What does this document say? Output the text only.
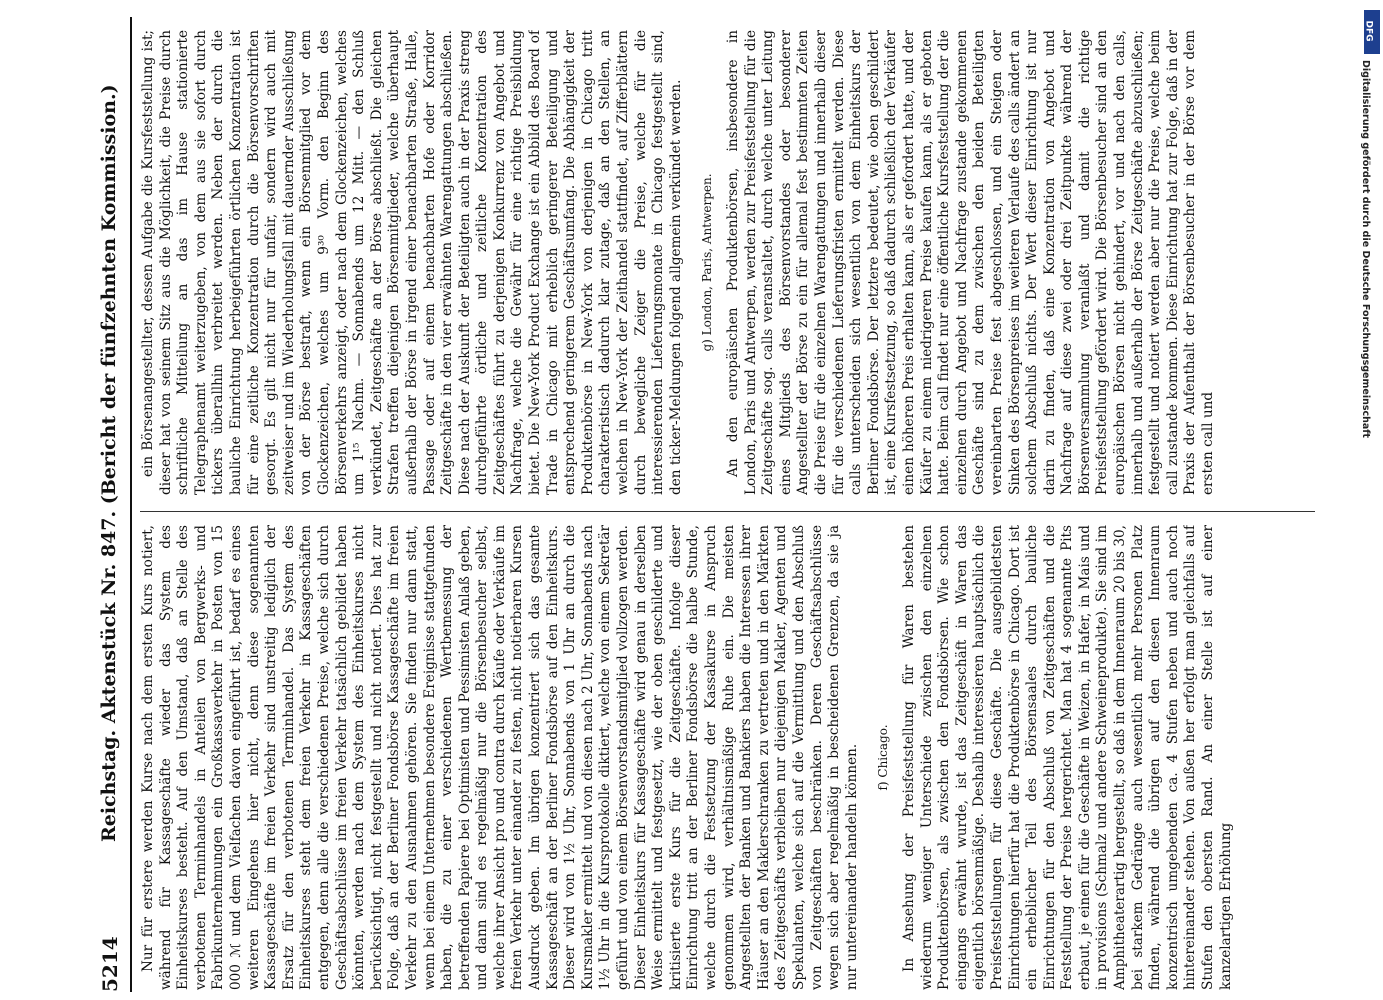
5214
Reichstag. Aktenstück Nr. 847. (Bericht der fünfzehnten Kommission.) Nur für erstere werden Kurse nach dem ersten Kurs notiert, während für Kassageschäfte wieder das System des Einheitskurses besteht. Auf den Umstand, daß an Stelle des verbotenen Terminhandels in Anteilen von Bergwerks- und Fabrikunternehmungen ein Großkassaverkehr in Posten von 15 000 ℳ und dem Vielfachen davon eingeführt ist, bedarf es eines weiteren Eingehens hier nicht, denn diese sogenannten Kassageschäfte im freien Verkehr sind unstreitig lediglich der Ersatz für den verbotenen Terminhandel. Das System des Einheitskurses steht dem freien Verkehr in Kassageschäften entgegen, denn alle die verschiedenen Preise, welche sich durch Geschäftsabschlüsse im freien Verkehr tatsächlich gebildet haben könnten, werden nach dem System des Einheitskurses nicht berücksichtigt, nicht festgestellt und nicht notiert. Dies hat zur Folge, daß an der Berliner Fondsbörse Kassageschäfte im freien Verkehr zu den Ausnahmen gehören. Sie finden nur dann statt, wenn bei einem Unternehmen besondere Ereignisse stattgefunden haben, die zu einer verschiedenen Wertbemessung der betreffenden Papiere bei Optimisten und Pessimisten Anlaß geben, und dann sind es regelmäßig nur die Börsenbesucher selbst, welche ihrer Ansicht pro und contra durch Käufe oder Verkäufe im freien Verkehr unter einander zu festen, nicht notierbaren Kursen Ausdruck geben. Im übrigen konzentriert sich das gesamte Kassageschäft an der Berliner Fondsbörse auf den Einheitskurs. Dieser wird von 1½ Uhr, Sonnabends von 1 Uhr an durch die Kursmakler ermittelt und von diesen nach 2 Uhr, Sonnabends nach 1½ Uhr in die Kursprotokolle diktiert, welche von einem Sekretär geführt und von einem Börsenvorstandsmitglied vollzogen werden. Dieser Einheitskurs für Kassageschäfte wird genau in derselben Weise ermittelt und festgesetzt, wie der oben geschilderte und kritisierte erste Kurs für die Zeitgeschäfte. Infolge dieser Einrichtung tritt an der Berliner Fondsbörse die halbe Stunde, welche durch die Festsetzung der Kassakurse in Anspruch genommen wird, verhältnismäßige Ruhe ein. Die meisten Angestellten der Banken und Bankiers haben die Interessen ihrer Häuser an den Maklerschranken zu vertreten und in den Märkten des Zeitgeschäfts verbleiben nur diejenigen Makler, Agenten und Spekulanten, welche sich auf die Vermittlung und den Abschluß von Zeitgeschäften beschränken. Deren Geschäftsabschlüsse wegen sich aber regelmäßig in bescheidenen Grenzen, da sie ja nur untereinander handeln können. f) Chicago. In Ansehung der Preisfeststellung für Waren bestehen wiederum weniger Unterschiede zwischen den einzelnen Produktenbörsen, als zwischen den Fondsbörsen. Wie schon eingangs erwähnt wurde, ist das Zeitgeschäft in Waren das eigentlich börsenmäßige. Deshalb interessieren hauptsächlich die Preisfeststellungen für diese Geschäfte. Die ausgebildetsten Einrichtungen hierfür hat die Produktenbörse in Chicago. Dort ist ein erheblicher Teil des Börsensaales durch bauliche Einrichtungen für den Abschluß von Zeitgeschäften und die Feststellung der Preise hergerichtet. Man hat 4 sogenannte Pits erbaut, je einen für die Geschäfte in Weizen, in Hafer, in Mais und in provisions (Schmalz und andere Schweineprodukte). Sie sind im Amphitheaterartig hergestellt, so daß in dem Innenraum 20 bis 30, bei starkem Gedränge auch wesentlich mehr Personen Platz finden, während die übrigen auf den diesen Innenraum konzentrisch umgebenden ca. 4 Stufen neben und auch noch hintereinander stehen. Von außen her erfolgt man gleichfalls auf Stufen den obersten Rand. An einer Stelle ist auf einer kanzelartigen Erhöhung

ein Börsenangestellter, dessen Aufgabe die Kursfeststellung ist; dieser hat von seinem Sitz aus die Möglichkeit, die Preise durch schriftliche Mitteilung an das im Hause stationierte Telegraphenamt weiterzugeben, von dem aus sie sofort durch tickers überallhin verbreitet werden. Neben der durch die bauliche Einrichtung herbeigeführten örtlichen Konzentration ist für eine zeitliche Konzentration durch die Börsenvorschriften gesorgt. Es gilt nicht nur für unfair, sondern wird auch mit zeitweiser und im Wiederholungsfall mit dauernder Ausschließung von der Börse bestraft, wenn ein Börsenmitglied vor dem Glockenzeichen, welches um 9³⁰ Vorm. den Beginn des Börsenverkehrs anzeigt, oder nach dem Glockenzeichen, welches um 1¹⁵ Nachm. — Sonnabends um 12 Mitt. — den Schluß verkündet, Zeitgeschäfte an der Börse abschließt. Die gleichen Strafen treffen diejenigen Börsenmitglieder, welche überhaupt außerhalb der Börse in irgend einer benachbarten Straße, Halle, Passage oder auf einem benachbarten Hofe oder Korridor Zeitgeschäfte in den vier erwähnten Warengattungen abschließen. Diese nach der Auskunft der Beteiligten auch in der Praxis streng durchgeführte örtliche und zeitliche Konzentration des Zeitgeschäftes führt zu derjenigen Konkurrenz von Angebot und Nachfrage, welche die Gewähr für eine richtige Preisbildung bietet. Die New-York Product Exchange ist ein Abbild des Board of Trade in Chicago mit erheblich geringerer Beteiligung und entsprechend geringerem Geschäftsumfang. Die Abhängigkeit der Produktenbörse in New-York von derjenigen in Chicago tritt charakteristisch dadurch klar zutage, daß an den Stellen, an welchen in New-York der Zeithandel stattfindet, auf Zifferblättern durch bewegliche Zeiger die Preise, welche für die interessierenden Lieferungsmonate in Chicago festgestellt sind, den ticker-Meldungen folgend allgemein verkündet werden. g) London, Paris, Antwerpen. An den europäischen Produktenbörsen, insbesondere in London, Paris und Antwerpen, werden zur Preisfeststellung für die Zeitgeschäfte sog. calls veranstaltet, durch welche unter Leitung eines Mitglieds des Börsenvorstandes oder besonderer Angestellter der Börse zu ein für allemal fest bestimmten Zeiten die Preise für die einzelnen Warengattungen und innerhalb dieser für die verschiedenen Lieferungsfristen ermittelt werden. Diese calls unterscheiden sich wesentlich von dem Einheitskurs der Berliner Fondsbörse. Der letztere bedeutet, wie oben geschildert ist, eine Kursfestsetzung, so daß dadurch schließlich der Verkäufer einen höheren Preis erhalten kann, als er gefordert hatte, und der Käufer zu einem niedrigeren Preise kaufen kann, als er geboten hatte. Beim call findet nur eine öffentliche Kursfeststellung der die einzelnen durch Angebot und Nachfrage zustande gekommenen Geschäfte sind zu dem zwischen den beiden Beteiligten vereinbarten Preise fest abgeschlossen, und ein Steigen oder Sinken des Börsenpreises im weiteren Verlaufe des calls ändert an solchem Abschluß nichts. Der Wert dieser Einrichtung ist nur darin zu finden, daß eine Konzentration von Angebot und Nachfrage auf diese zwei oder drei Zeitpunkte während der Börsenversammlung veranlaßt und damit die richtige Preisfeststellung gefördert wird. Die Börsenbesucher sind an den europäischen Börsen nicht gehindert, vor und nach den calls, innerhalb und außerhalb der Börse Zeitgeschäfte abzuschließen; festgestellt und notiert werden aber nur die Preise, welche beim call zustande kommen. Diese Einrichtung hat zur Folge, daß in der Praxis der Aufenthalt der Börsenbesucher in der Börse vor dem ersten call und

DFG
Digitalisierung gefördert durch die Deutsche Forschungsgemeinschaft
